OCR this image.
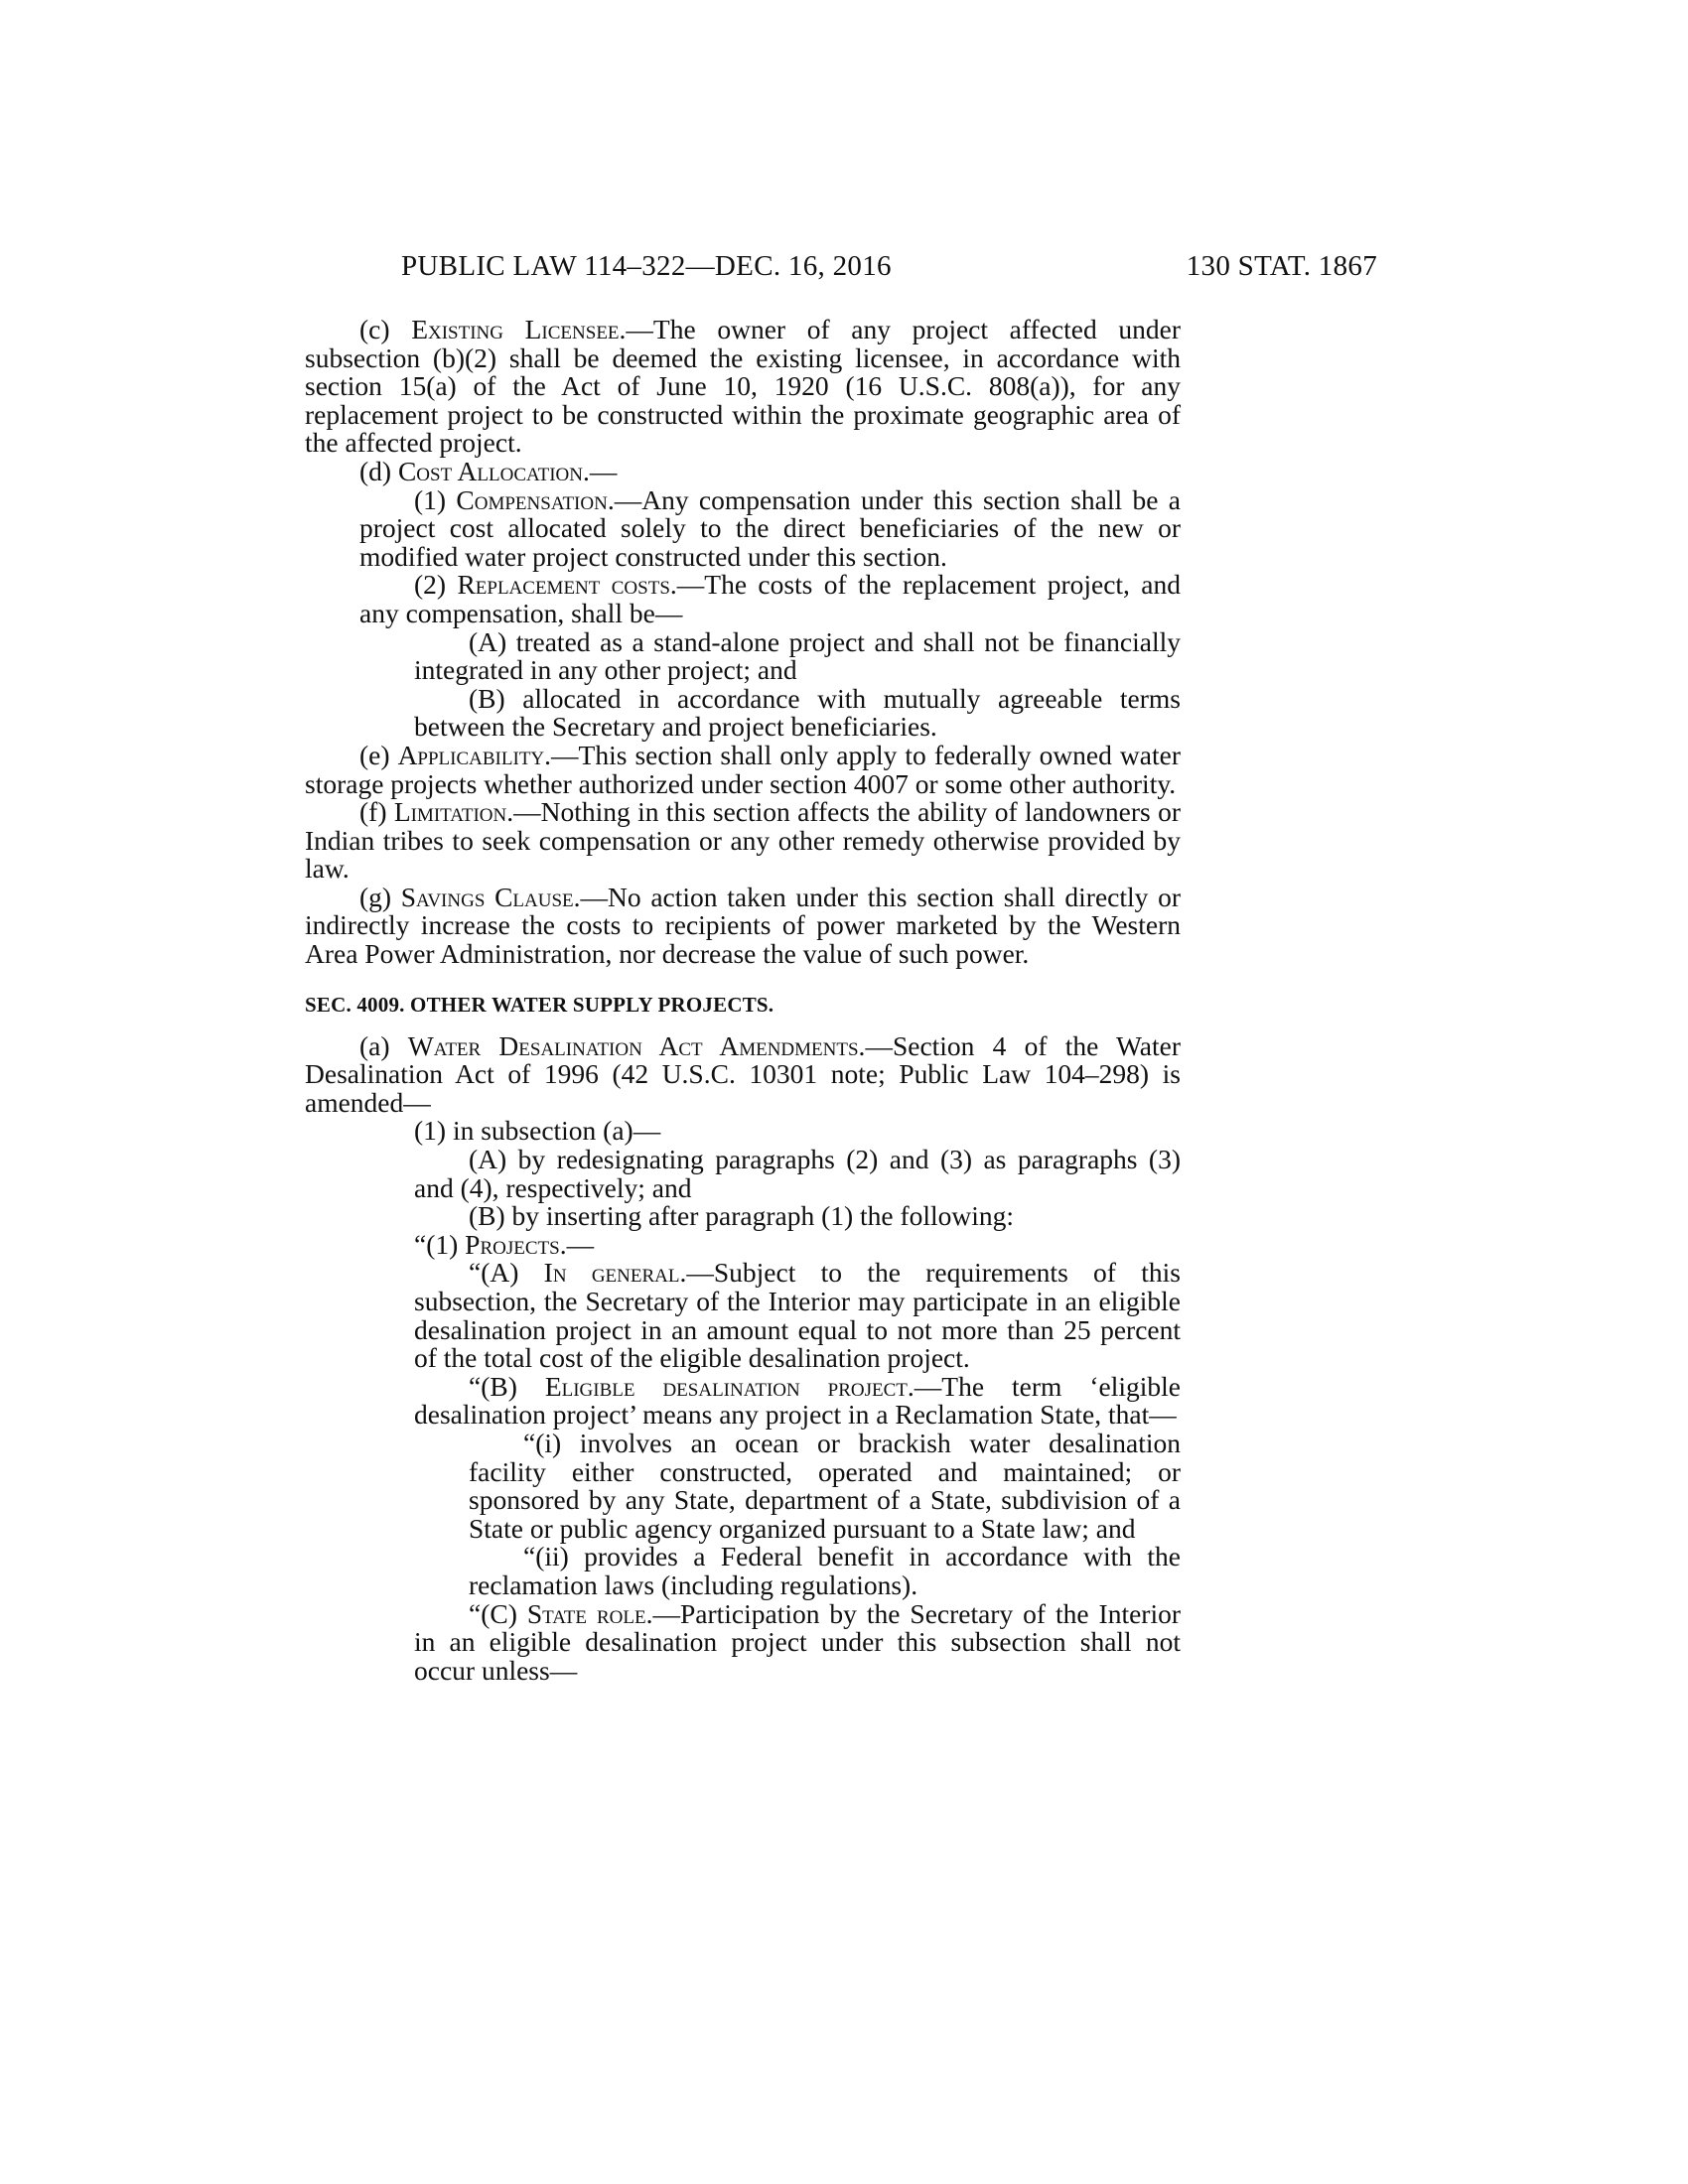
PUBLIC LAW 114–322—DEC. 16, 2016	130 STAT. 1867

(c) Existing Licensee.—The owner of any project affected under subsection (b)(2) shall be deemed the existing licensee, in accordance with section 15(a) of the Act of June 10, 1920 (16 U.S.C. 808(a)), for any replacement project to be constructed within the proximate geographic area of the affected project.

(d) Cost Allocation.—

(1) Compensation.—Any compensation under this section shall be a project cost allocated solely to the direct beneficiaries of the new or modified water project constructed under this section.

(2) Replacement costs.—The costs of the replacement project, and any compensation, shall be—

(A) treated as a stand-alone project and shall not be financially integrated in any other project; and

(B) allocated in accordance with mutually agreeable terms between the Secretary and project beneficiaries.

(e) Applicability.—This section shall only apply to federally owned water storage projects whether authorized under section 4007 or some other authority.

(f) Limitation.—Nothing in this section affects the ability of landowners or Indian tribes to seek compensation or any other remedy otherwise provided by law.

(g) Savings Clause.—No action taken under this section shall directly or indirectly increase the costs to recipients of power marketed by the Western Area Power Administration, nor decrease the value of such power.

SEC. 4009. OTHER WATER SUPPLY PROJECTS.

(a) Water Desalination Act Amendments.—Section 4 of the Water Desalination Act of 1996 (42 U.S.C. 10301 note; Public Law 104–298) is amended—

(1) in subsection (a)—

(A) by redesignating paragraphs (2) and (3) as paragraphs (3) and (4), respectively; and

(B) by inserting after paragraph (1) the following:

“(1) Projects.—

“(A) In general.—Subject to the requirements of this subsection, the Secretary of the Interior may participate in an eligible desalination project in an amount equal to not more than 25 percent of the total cost of the eligible desalination project.

“(B) Eligible desalination project.—The term ‘eligible desalination project’ means any project in a Reclamation State, that—

“(i) involves an ocean or brackish water desalination facility either constructed, operated and maintained; or sponsored by any State, department of a State, subdivision of a State or public agency organized pursuant to a State law; and

“(ii) provides a Federal benefit in accordance with the reclamation laws (including regulations).

“(C) State role.—Participation by the Secretary of the Interior in an eligible desalination project under this subsection shall not occur unless—
